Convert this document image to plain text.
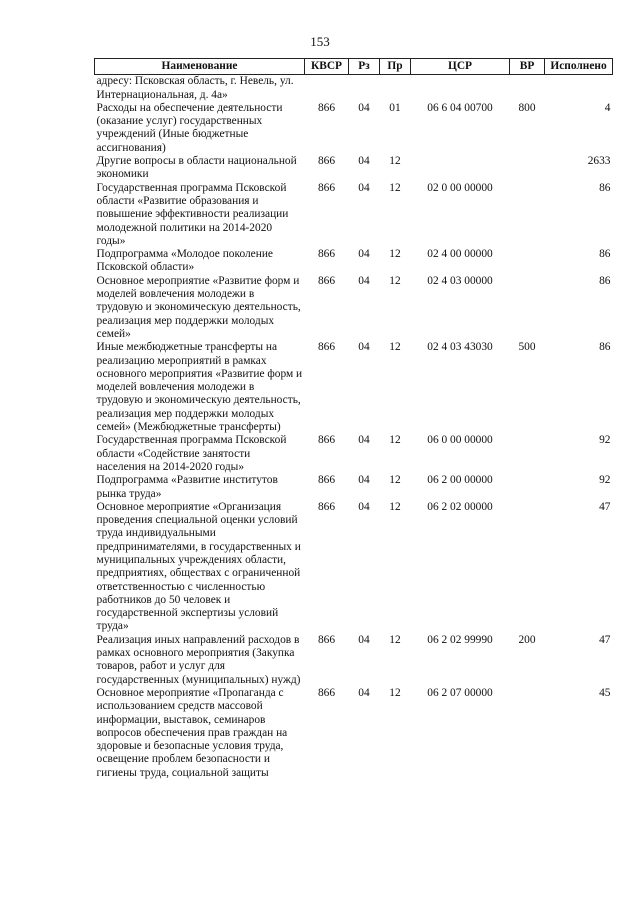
153
Наименование	КВСР	Рз	Пр	ЦСР	ВР	Исполнено
адресу: Псковская область, г. Невель, ул. Интернациональная, д. 4а»						
Расходы на обеспечение деятельности (оказание услуг) государственных учреждений (Иные бюджетные ассигнования)	866	04	01	06 6 04 00700	800	4
Другие вопросы в области национальной экономики	866	04	12			2633
Государственная программа Псковской области «Развитие образования и повышение эффективности реализации молодежной политики на 2014-2020 годы»	866	04	12	02 0 00 00000		86
Подпрограмма «Молодое поколение Псковской области»	866	04	12	02 4 00 00000		86
Основное мероприятие «Развитие форм и моделей вовлечения молодежи в трудовую и экономическую деятельность, реализация мер поддержки молодых семей»	866	04	12	02 4 03 00000		86
Иные межбюджетные трансферты на реализацию мероприятий в рамках основного мероприятия «Развитие форм и моделей вовлечения молодежи в трудовую и экономическую деятельность, реализация мер поддержки молодых семей» (Межбюджетные трансферты)	866	04	12	02 4 03 43030	500	86
Государственная программа Псковской области «Содействие занятости населения на 2014-2020 годы»	866	04	12	06 0 00 00000		92
Подпрограмма «Развитие институтов рынка труда»	866	04	12	06 2 00 00000		92
Основное мероприятие «Организация проведения специальной оценки условий труда индивидуальными предпринимателями, в государственных и муниципальных учреждениях области, предприятиях, обществах с ограниченной ответственностью с численностью работников до 50 человек и государственной экспертизы условий труда»	866	04	12	06 2 02 00000		47
Реализация иных направлений расходов в рамках основного мероприятия (Закупка товаров, работ и услуг для государственных (муниципальных) нужд)	866	04	12	06 2 02 99990	200	47
Основное мероприятие «Пропаганда с использованием средств массовой информации, выставок, семинаров вопросов обеспечения прав граждан на здоровые и безопасные условия труда, освещение проблем безопасности и гигиены труда, социальной защиты	866	04	12	06 2 07 00000		45
